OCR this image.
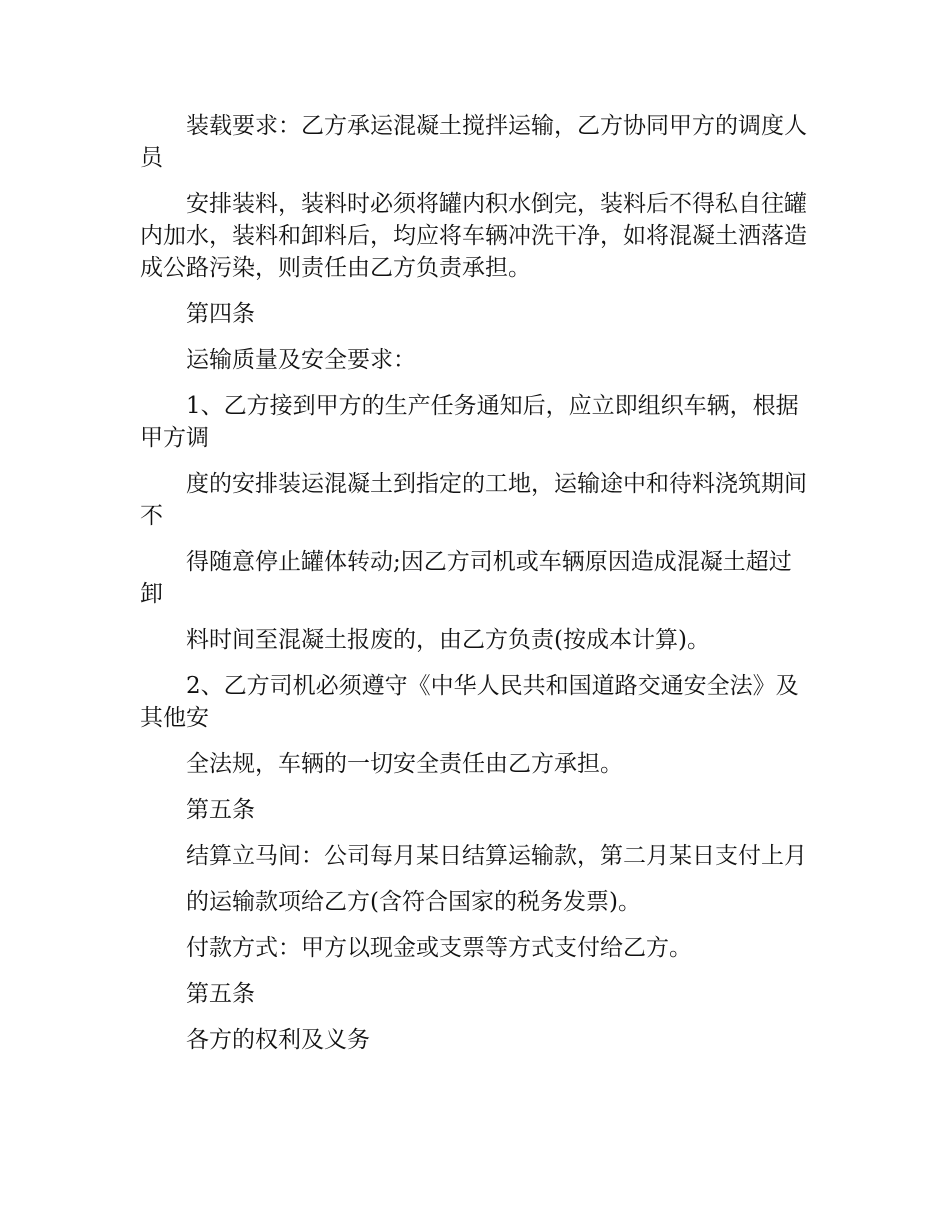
装载要求：乙方承运混凝土搅拌运输，乙方协同甲方的调度人员

安排装料，装料时必须将罐内积水倒完，装料后不得私自往罐内加水，装料和卸料后，均应将车辆冲洗干净，如将混凝土洒落造成公路污染，则责任由乙方负责承担。

第四条

运输质量及安全要求：

1、乙方接到甲方的生产任务通知后，应立即组织车辆，根据甲方调

度的安排装运混凝土到指定的工地，运输途中和待料浇筑期间不

得随意停止罐体转动;因乙方司机或车辆原因造成混凝土超过卸

料时间至混凝土报废的，由乙方负责(按成本计算)。

2、乙方司机必须遵守《中华人民共和国道路交通安全法》及其他安

全法规，车辆的一切安全责任由乙方承担。

第五条

结算立马间：公司每月某日结算运输款，第二月某日支付上月

的运输款项给乙方(含符合国家的税务发票)。

付款方式：甲方以现金或支票等方式支付给乙方。

第五条

各方的权利及义务
